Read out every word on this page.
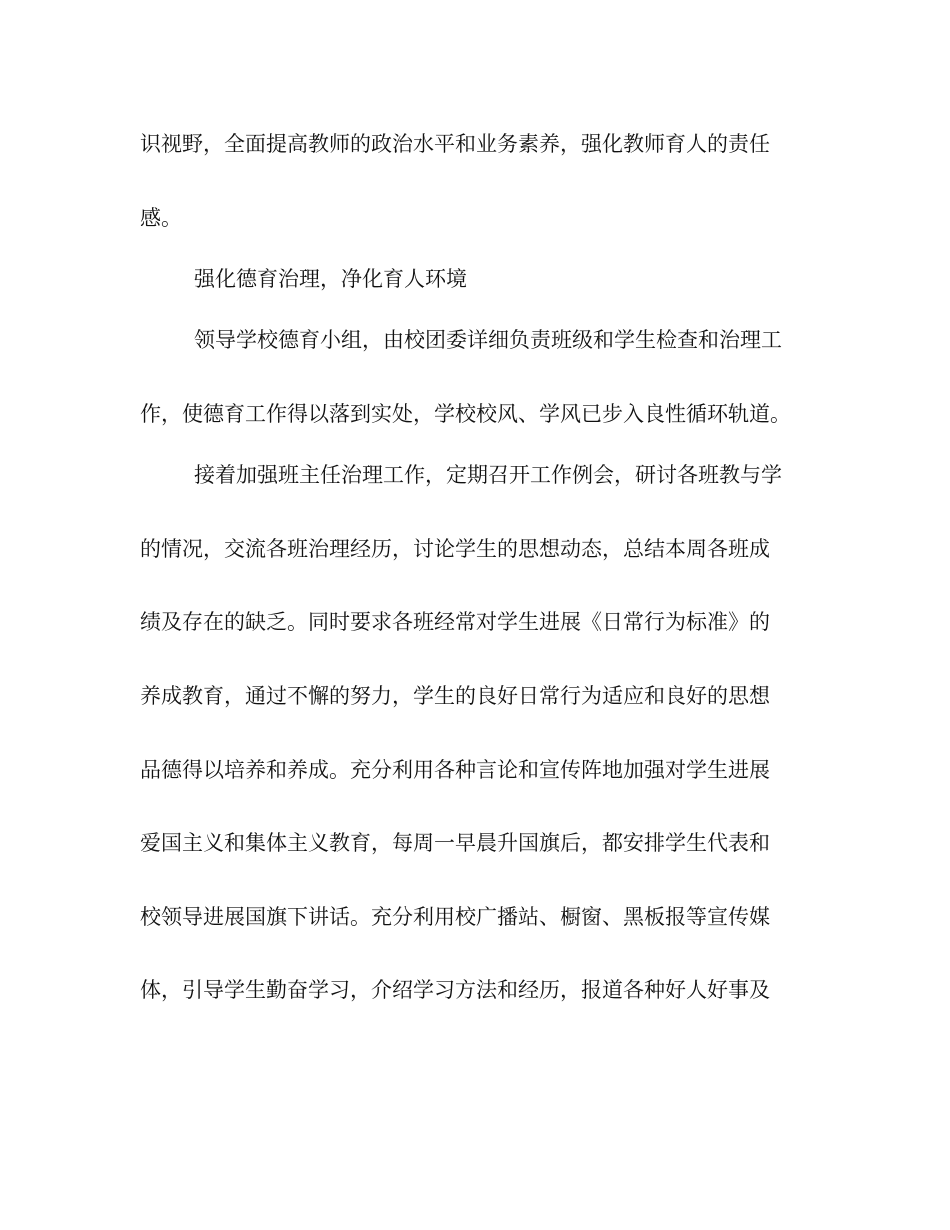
识视野，全面提高教师的政治水平和业务素养，强化教师育人的责任
感。
强化德育治理，净化育人环境
领导学校德育小组，由校团委详细负责班级和学生检查和治理工
作，使德育工作得以落到实处，学校校风、学风已步入良性循环轨道。
接着加强班主任治理工作，定期召开工作例会，研讨各班教与学
的情况，交流各班治理经历，讨论学生的思想动态，总结本周各班成
绩及存在的缺乏。同时要求各班经常对学生进展《日常行为标准》的
养成教育，通过不懈的努力，学生的良好日常行为适应和良好的思想
品德得以培养和养成。充分利用各种言论和宣传阵地加强对学生进展
爱国主义和集体主义教育，每周一早晨升国旗后，都安排学生代表和
校领导进展国旗下讲话。充分利用校广播站、橱窗、黑板报等宣传媒
体，引导学生勤奋学习，介绍学习方法和经历，报道各种好人好事及
